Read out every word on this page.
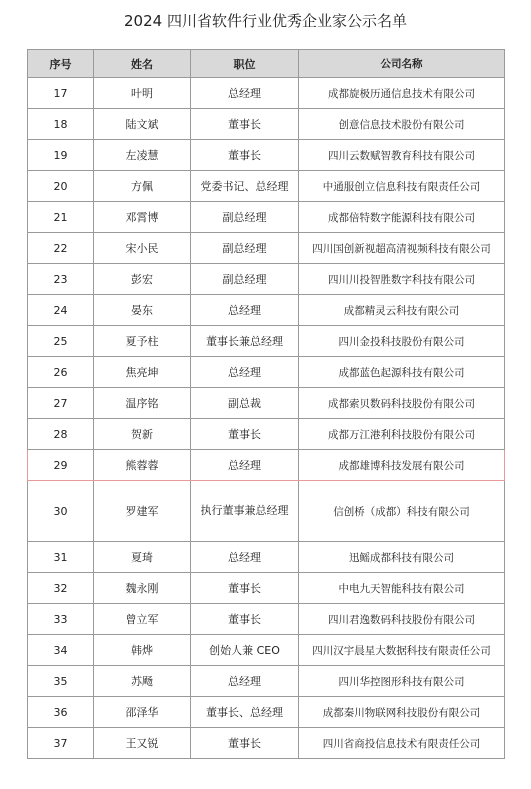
2024 四川省软件行业优秀企业家公示名单
序号	姓名	职位	公司名称
17	叶明	总经理	成都旋极历通信息技术有限公司
18	陆文斌	董事长	创意信息技术股份有限公司
19	左凌慧	董事长	四川云数赋智教育科技有限公司
20	方佩	党委书记、总经理	中通服创立信息科技有限责任公司
21	邓霄博	副总经理	成都倍特数字能源科技有限公司
22	宋小民	副总经理	四川国创新视超高清视频科技有限公司
23	彭宏	副总经理	四川川投智胜数字科技有限公司
24	晏东	总经理	成都精灵云科技有限公司
25	夏予柱	董事长兼总经理	四川金投科技股份有限公司
26	焦亮坤	总经理	成都蓝色起源科技有限公司
27	温序铭	副总裁	成都索贝数码科技股份有限公司
28	贺新	董事长	成都万江港利科技股份有限公司
29	熊蓉蓉	总经理	成都雄博科技发展有限公司
30	罗建军	执行董事兼总经理	信创桥（成都）科技有限公司
31	夏琦	总经理	迅鳐成都科技有限公司
32	魏永刚	董事长	中电九天智能科技有限公司
33	曾立军	董事长	四川君逸数码科技股份有限公司
34	韩烨	创始人兼 CEO	四川汉宇晨星大数据科技有限责任公司
35	苏飏	总经理	四川华控图形科技有限公司
36	邵泽华	董事长、总经理	成都秦川物联网科技股份有限公司
37	王又锐	董事长	四川省商投信息技术有限责任公司
